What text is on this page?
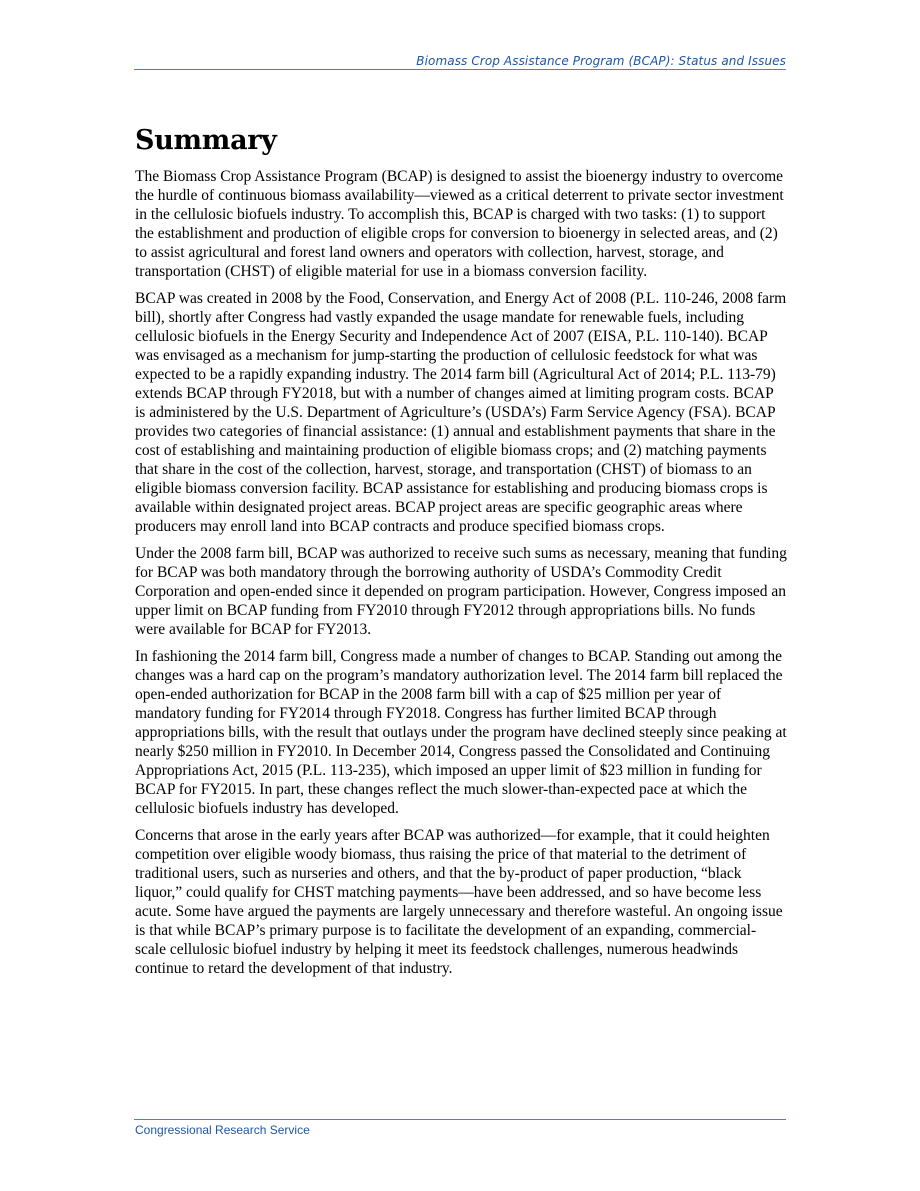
Biomass Crop Assistance Program (BCAP): Status and Issues
Summary

The Biomass Crop Assistance Program (BCAP) is designed to assist the bioenergy industry to overcome the hurdle of continuous biomass availability—viewed as a critical deterrent to private sector investment in the cellulosic biofuels industry. To accomplish this, BCAP is charged with two tasks: (1) to support the establishment and production of eligible crops for conversion to bioenergy in selected areas, and (2) to assist agricultural and forest land owners and operators with collection, harvest, storage, and transportation (CHST) of eligible material for use in a biomass conversion facility.

BCAP was created in 2008 by the Food, Conservation, and Energy Act of 2008 (P.L. 110-246, 2008 farm bill), shortly after Congress had vastly expanded the usage mandate for renewable fuels, including cellulosic biofuels in the Energy Security and Independence Act of 2007 (EISA, P.L. 110-140). BCAP was envisaged as a mechanism for jump-starting the production of cellulosic feedstock for what was expected to be a rapidly expanding industry. The 2014 farm bill (Agricultural Act of 2014; P.L. 113-79) extends BCAP through FY2018, but with a number of changes aimed at limiting program costs. BCAP is administered by the U.S. Department of Agriculture’s (USDA’s) Farm Service Agency (FSA). BCAP provides two categories of financial assistance: (1) annual and establishment payments that share in the cost of establishing and maintaining production of eligible biomass crops; and (2) matching payments that share in the cost of the collection, harvest, storage, and transportation (CHST) of biomass to an eligible biomass conversion facility. BCAP assistance for establishing and producing biomass crops is available within designated project areas. BCAP project areas are specific geographic areas where producers may enroll land into BCAP contracts and produce specified biomass crops.

Under the 2008 farm bill, BCAP was authorized to receive such sums as necessary, meaning that funding for BCAP was both mandatory through the borrowing authority of USDA’s Commodity Credit Corporation and open-ended since it depended on program participation. However, Congress imposed an upper limit on BCAP funding from FY2010 through FY2012 through appropriations bills. No funds were available for BCAP for FY2013.

In fashioning the 2014 farm bill, Congress made a number of changes to BCAP. Standing out among the changes was a hard cap on the program’s mandatory authorization level. The 2014 farm bill replaced the open-ended authorization for BCAP in the 2008 farm bill with a cap of $25 million per year of mandatory funding for FY2014 through FY2018. Congress has further limited BCAP through appropriations bills, with the result that outlays under the program have declined steeply since peaking at nearly $250 million in FY2010. In December 2014, Congress passed the Consolidated and Continuing Appropriations Act, 2015 (P.L. 113-235), which imposed an upper limit of $23 million in funding for BCAP for FY2015. In part, these changes reflect the much slower-than-expected pace at which the cellulosic biofuels industry has developed.

Concerns that arose in the early years after BCAP was authorized—for example, that it could heighten competition over eligible woody biomass, thus raising the price of that material to the detriment of traditional users, such as nurseries and others, and that the by-product of paper production, “black liquor,” could qualify for CHST matching payments—have been addressed, and so have become less acute. Some have argued the payments are largely unnecessary and therefore wasteful. An ongoing issue is that while BCAP’s primary purpose is to facilitate the development of an expanding, commercial-scale cellulosic biofuel industry by helping it meet its feedstock challenges, numerous headwinds continue to retard the development of that industry.

Congressional Research Service
